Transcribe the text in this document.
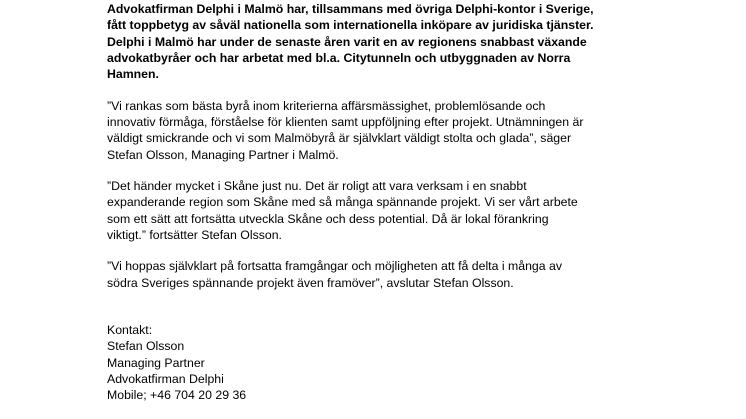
Advokatfirman Delphi i Malmö har, tillsammans med övriga Delphi-kontor i Sverige,
fått toppbetyg av såväl nationella som internationella inköpare av juridiska tjänster.
Delphi i Malmö har under de senaste åren varit en av regionens snabbast växande
advokatbyråer och har arbetat med bl.a. Citytunneln och utbyggnaden av Norra
Hamnen.

”Vi rankas som bästa byrå inom kriterierna affärsmässighet, problemlösande och
innovativ förmåga, förståelse för klienten samt uppföljning efter projekt. Utnämningen är
väldigt smickrande och vi som Malmöbyrå är självklart väldigt stolta och glada”, säger
Stefan Olsson, Managing Partner i Malmö.

”Det händer mycket i Skåne just nu. Det är roligt att vara verksam i en snabbt
expanderande region som Skåne med så många spännande projekt. Vi ser vårt arbete
som ett sätt att fortsätta utveckla Skåne och dess potential. Då är lokal förankring
viktigt.” fortsätter Stefan Olsson.

”Vi hoppas självklart på fortsatta framgångar och möjligheten att få delta i många av
södra Sveriges spännande projekt även framöver”, avslutar Stefan Olsson.

Kontakt:
Stefan Olsson
Managing Partner
Advokatfirman Delphi
Mobile; +46 704 20 29 36
